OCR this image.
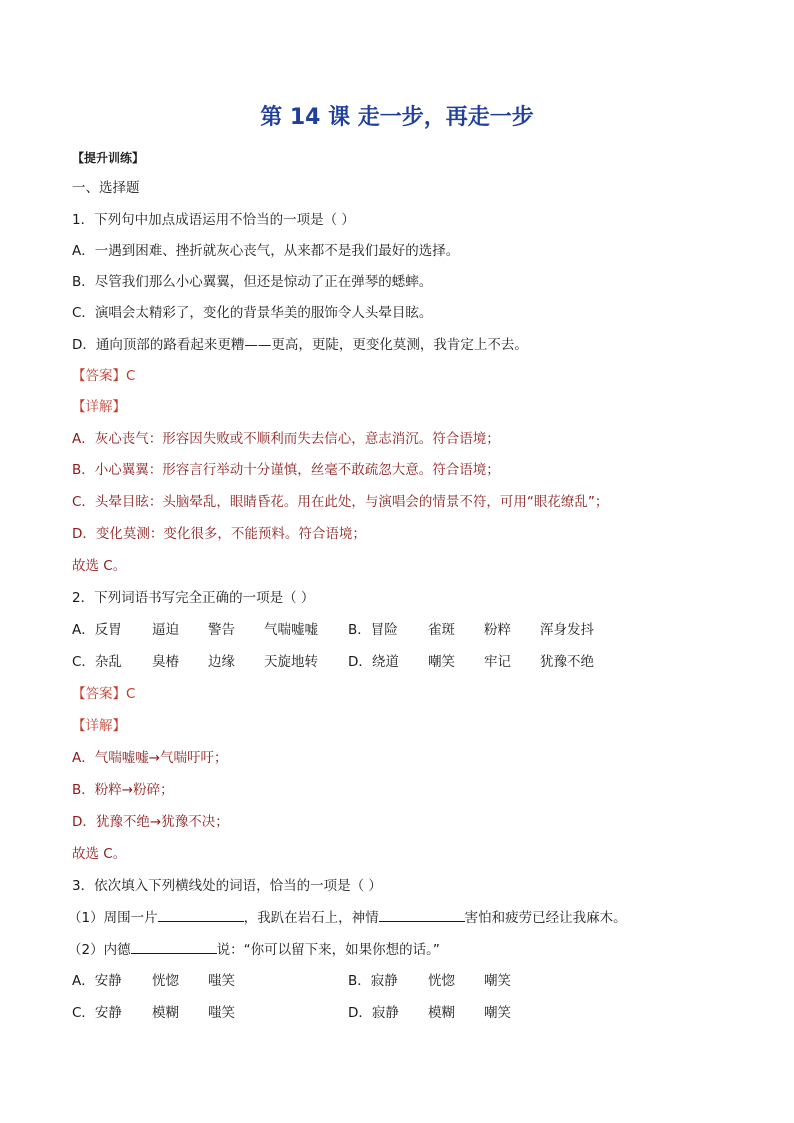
第 14 课 走一步，再走一步
【提升训练】
一、选择题
1．下列句中加点成语运用不恰当的一项是（ ）
A．一遇到困难、挫折就灰心丧气，从来都不是我们最好的选择。
B．尽管我们那么小心翼翼，但还是惊动了正在弹琴的蟋蟀。
C．演唱会太精彩了，变化的背景华美的服饰令人头晕目眩。
D．通向顶部的路看起来更糟——更高，更陡，更变化莫测，我肯定上不去。
【答案】C
【详解】
A．灰心丧气：形容因失败或不顺利而失去信心，意志消沉。符合语境；
B．小心翼翼：形容言行举动十分谨慎，丝毫不敢疏忽大意。符合语境；
C．头晕目眩：头脑晕乱，眼睛昏花。用在此处，与演唱会的情景不符，可用“眼花缭乱”；
D．变化莫测：变化很多，不能预料。符合语境；
故选 C。
2．下列词语书写完全正确的一项是（ ）
A．反胃 逼迫 警告 气喘嘘嘘 B．冒险 雀斑 粉粹 浑身发抖
C．杂乱 臭椿 边缘 天旋地转 D．绕道 嘲笑 牢记 犹豫不绝
【答案】C
【详解】
A．气喘嘘嘘→气喘吁吁；
B．粉粹→粉碎；
D．犹豫不绝→犹豫不决；
故选 C。
3．依次填入下列横线处的词语，恰当的一项是（ ）
（1）周围一片	，我趴在岩石上，神情	害怕和疲劳已经让我麻木。
（2）内德	说：“你可以留下来，如果你想的话。”
A．安静 恍惚 嗤笑	B．寂静 恍惚 嘲笑
C．安静 模糊 嗤笑	D．寂静 模糊 嘲笑
